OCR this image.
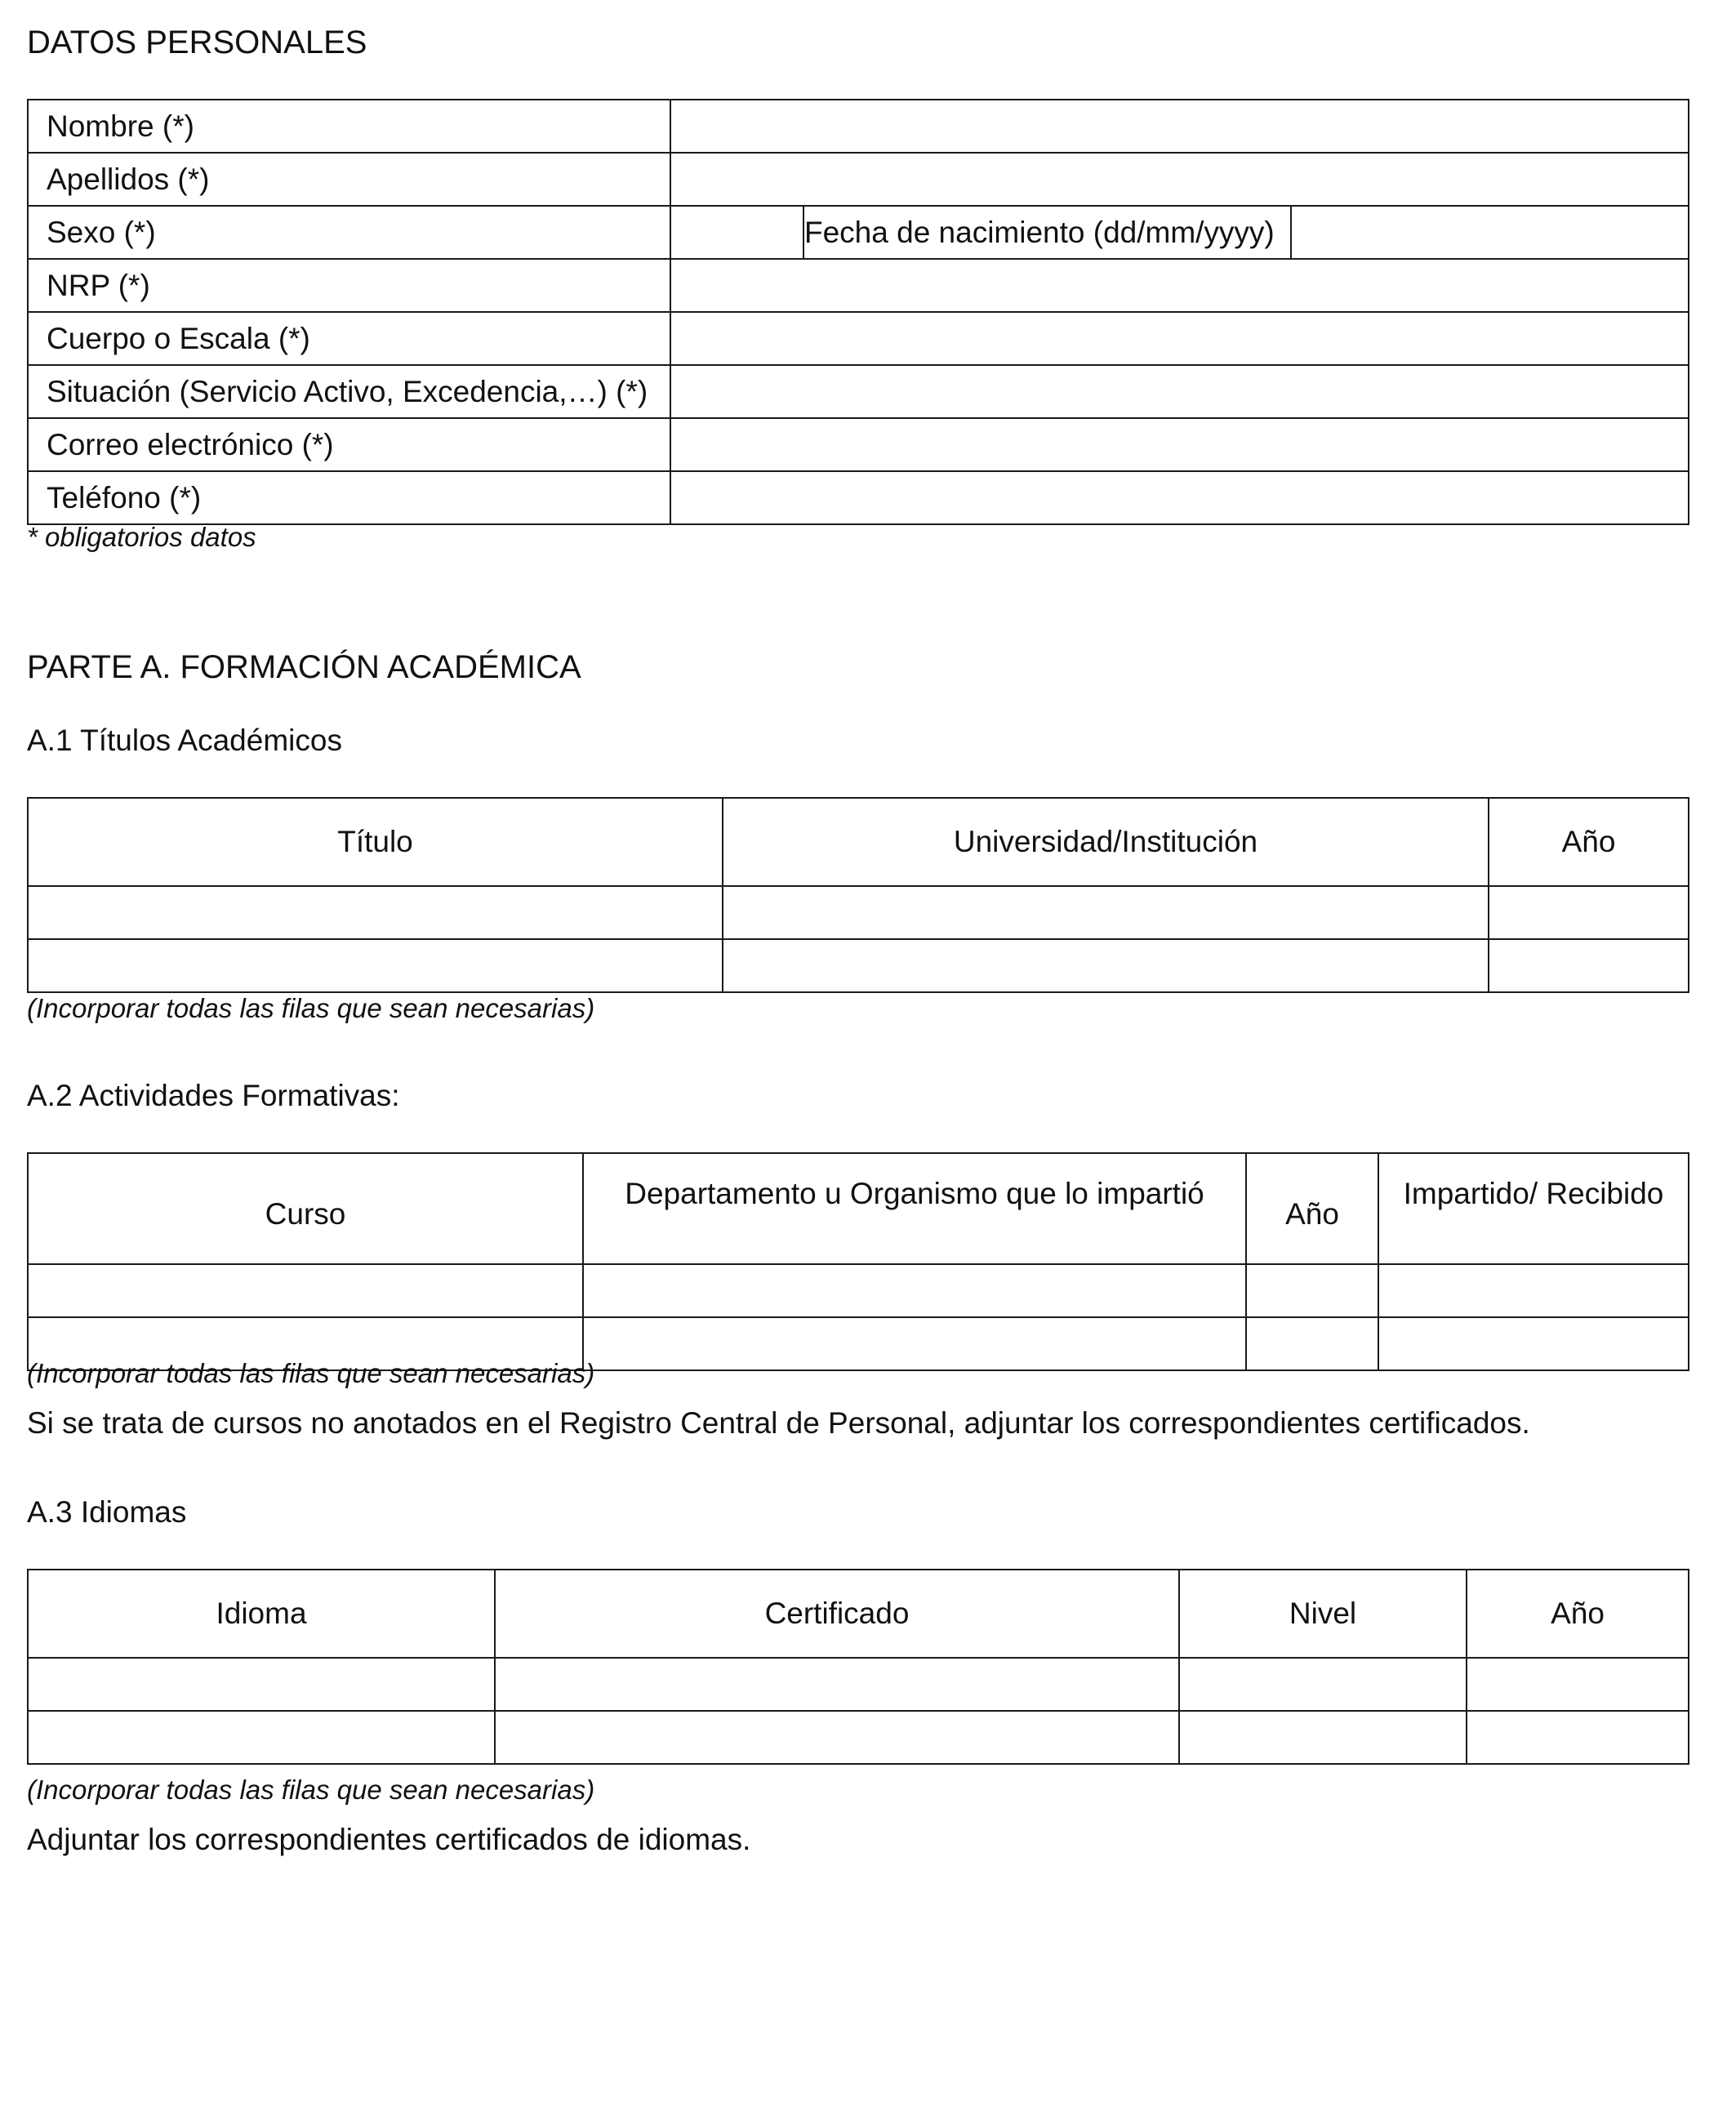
DATOS PERSONALES
Nombre (*)			
Apellidos (*)			
Sexo (*)		Fecha de nacimiento (dd/mm/yyyy)	
NRP (*)			
Cuerpo o Escala (*)			
Situación (Servicio Activo, Excedencia,…) (*)			
Correo electrónico (*)			
Teléfono (*)			
* obligatorios datos
PARTE A. FORMACIÓN ACADÉMICA
A.1 Títulos Académicos
Título	Universidad/Institución	Año

(Incorporar todas las filas que sean necesarias)
A.2 Actividades Formativas:
Curso	Departamento u Organismo que lo impartió	Año	Impartido/ Recibido

(Incorporar todas las filas que sean necesarias)
Si se trata de cursos no anotados en el Registro Central de Personal, adjuntar los correspondientes certificados.
A.3 Idiomas
Idioma	Certificado	Nivel	Año

(Incorporar todas las filas que sean necesarias)
Adjuntar los correspondientes certificados de idiomas.
